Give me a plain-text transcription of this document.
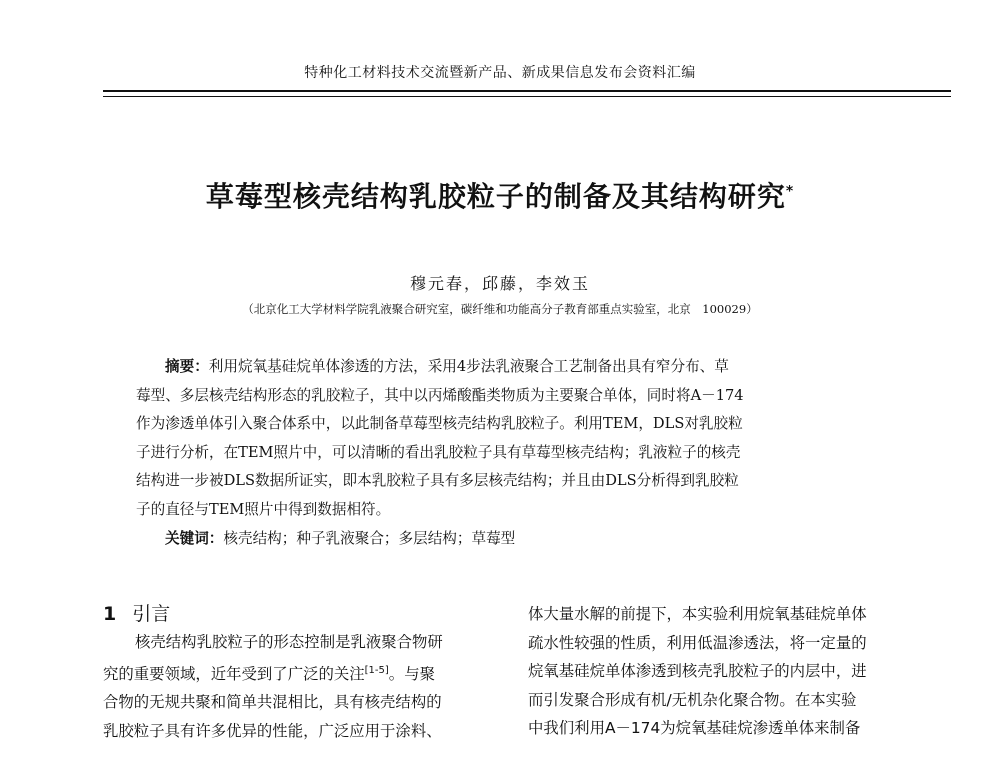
特种化工材料技术交流暨新产品、新成果信息发布会资料汇编
草莓型核壳结构乳胶粒子的制备及其结构研究*
穆元春，邱藤，李效玉
（北京化工大学材料学院乳液聚合研究室，碳纤维和功能高分子教育部重点实验室，北京　100029）
摘要：利用烷氧基硅烷单体渗透的方法，采用4步法乳液聚合工艺制备出具有窄分布、草
莓型、多层核壳结构形态的乳胶粒子，其中以丙烯酸酯类物质为主要聚合单体，同时将A－174
作为渗透单体引入聚合体系中，以此制备草莓型核壳结构乳胶粒子。利用TEM，DLS对乳胶粒
子进行分析，在TEM照片中，可以清晰的看出乳胶粒子具有草莓型核壳结构；乳液粒子的核壳
结构进一步被DLS数据所证实，即本乳胶粒子具有多层核壳结构；并且由DLS分析得到乳胶粒
子的直径与TEM照片中得到数据相符。
关键词：核壳结构；种子乳液聚合；多层结构；草莓型

1 引言

核壳结构乳胶粒子的形态控制是乳液聚合物研
究的重要领域，近年受到了广泛的关注[1-5]。与聚
合物的无规共聚和简单共混相比，具有核壳结构的
乳胶粒子具有许多优异的性能，广泛应用于涂料、
体大量水解的前提下，本实验利用烷氧基硅烷单体
疏水性较强的性质，利用低温渗透法，将一定量的
烷氧基硅烷单体渗透到核壳乳胶粒子的内层中，进
而引发聚合形成有机/无机杂化聚合物。在本实验
中我们利用A－174为烷氧基硅烷渗透单体来制备
